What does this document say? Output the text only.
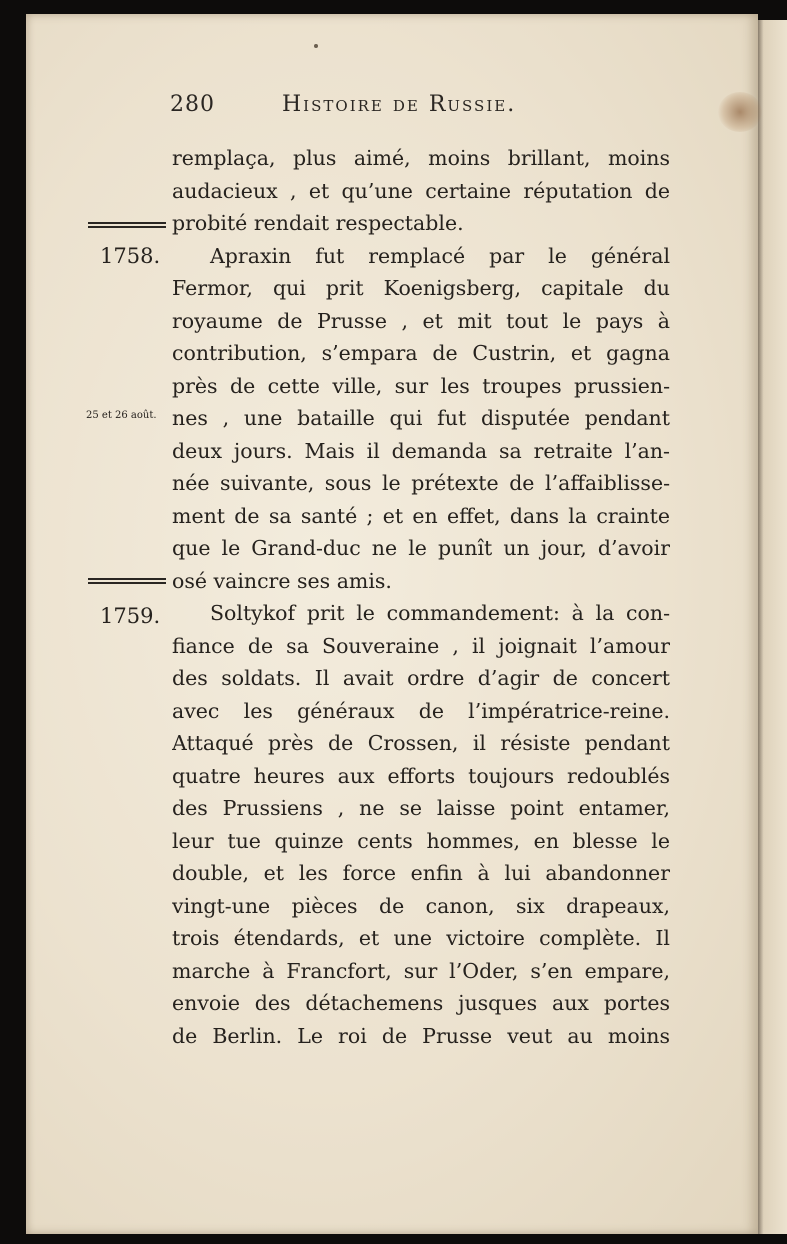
280	Histoire de Russie.
1758.
25 et 26 août.
1759.
remplaça, plus aimé, moins brillant, moins
audacieux , et qu’une certaine réputation de
probité rendait respectable.
Apraxin fut remplacé par le général
Fermor, qui prit Koenigsberg, capitale du
royaume de Prusse , et mit tout le pays à
contribution, s’empara de Custrin, et gagna
près de cette ville, sur les troupes prussien-
nes , une bataille qui fut disputée pendant
deux jours. Mais il demanda sa retraite l’an-
née suivante, sous le prétexte de l’affaiblisse-
ment de sa santé ; et en effet, dans la crainte
que le Grand-duc ne le punît un jour, d’avoir
osé vaincre ses amis.
Soltykof prit le commandement: à la con-
fiance de sa Souveraine , il joignait l’amour
des soldats. Il avait ordre d’agir de concert
avec les généraux de l’impératrice-reine.
Attaqué près de Crossen, il résiste pendant
quatre heures aux efforts toujours redoublés
des Prussiens , ne se laisse point entamer,
leur tue quinze cents hommes, en blesse le
double, et les force enfin à lui abandonner
vingt-une pièces de canon, six drapeaux,
trois étendards, et une victoire complète. Il
marche à Francfort, sur l’Oder, s’en empare,
envoie des détachemens jusques aux portes
de Berlin. Le roi de Prusse veut au moins
